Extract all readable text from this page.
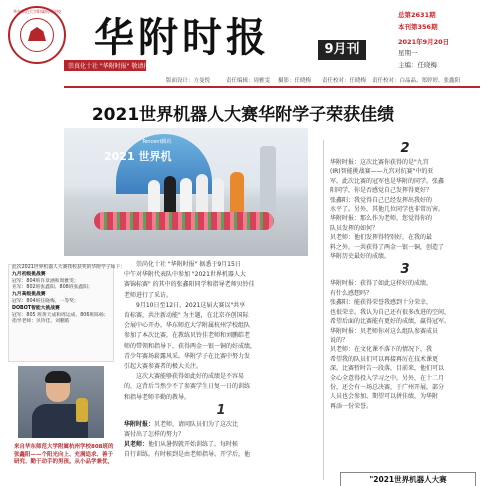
华东师范大学附属杭州学校
崇真化十社 "华附时报" 敬请指
华附时报	9月刊
总第2631期
本刊第356期
2021年9月20日
星期一
主编：任晓梅
版面设计：方曼悦	责任编辑：周雅雯 摄影：任晓梅 责任校对：任晓梅 责任校对：白晶晶、郑婷婷、张鑫阳
2021世界机器人大赛华附学子荣获佳绩
Tencent腾讯
2021 世界机

此次2021世界机器人大赛我校获奖的华附学子如下：

九月初级挑战赛

冠军：804班许章涵和周雅雯；

亚军：802班张鑫阳、808班张鑫阳；

九月高级挑战赛

冠军：804班任晓梅、一等奖；

DOBOT智能大挑战赛

冠军：805 班黄天成和周运成、806班陈杨；

指导老师：贝铃佳、刘鹏皓

来自华东师范大学附属杭州学校808班的张鑫阳——个阳光向上、充满追求、善于研究、勤于动手的男孩。从小品学兼优，

崇尚化十社 "华附时报" 据悉于9月15日

中午对华附代表队中参加 "2021世界机器人大

赛锦标赛" 的其中的张鑫阳同学和指导老师贝铃佳

老师进行了采访。

9月10日至12日，2021这届大赛以"共享

育标赛，共注新动能" 为主题，在北京亦创国际

会展中心开办。华东师范大学附属杭州学校组队

参加了本次比赛，在教练贝铃佳老师和刘鹏皓老

师的带领和指导下，获得两金一银一铜的好成绩，

青少年赛场崭露风采。华附学子在比赛中努力发

引起大赛参赛者的极大关注。

这次大赛能够获得如此好的成绩是不容易

的，这背后当然少不了参赛学生日复一日的训练

和指导老师辛勤的教导。

1

华附时报：贝老师，请问队员们为了这次比

赛付出了怎样的努力？

贝老师：他们从暑假就开始训练了。每时候

自行训练。有时候到是由老师指导。开学后，他

2

华附时报：这次比赛你获得的是"九宫

(IR)智能挑战赛——九宫对抗赛"中的亚

军。此次比赛的冠军也是华附的同学。张鑫

阳同学，你是否感觉自己发挥得更好？

张鑫阳：我觉得自己已经发挥出我好的

水平了。另外，其他几位同学也非常厉害。

华附时报：那么作为老师，您觉得你的

队员发挥的如何？

贝老师：他们发挥得特别好，在我的最

料之外。一共获得了两金一银一铜，创造了

华附历史最好的成绩。

3

华附时报：获得了如此这样好的成绩，

有什么感想吗？

张鑫阳：能获得荣誉我感到十分荣幸，

也很荣幸。我认为自己还有很多改进的空间，

希望后面的比赛能有更好的成绩，赢得冠军。

华附时报：贝老师你对这么组队参赛成员

说的？

贝老师：在文化课不落下的情况下，我

希望我的队员们可以再接再厉在技术课更

深。比赛暂时告一段落，目前来，他们可以

全心全意得投入学习之中。另外，在十二月

份，还会有一场总决赛，于广州开展。部分

人员也会参加。期望可以拼佳绩，为华附

再添一份荣誉。

"2021世界机器人大赛
